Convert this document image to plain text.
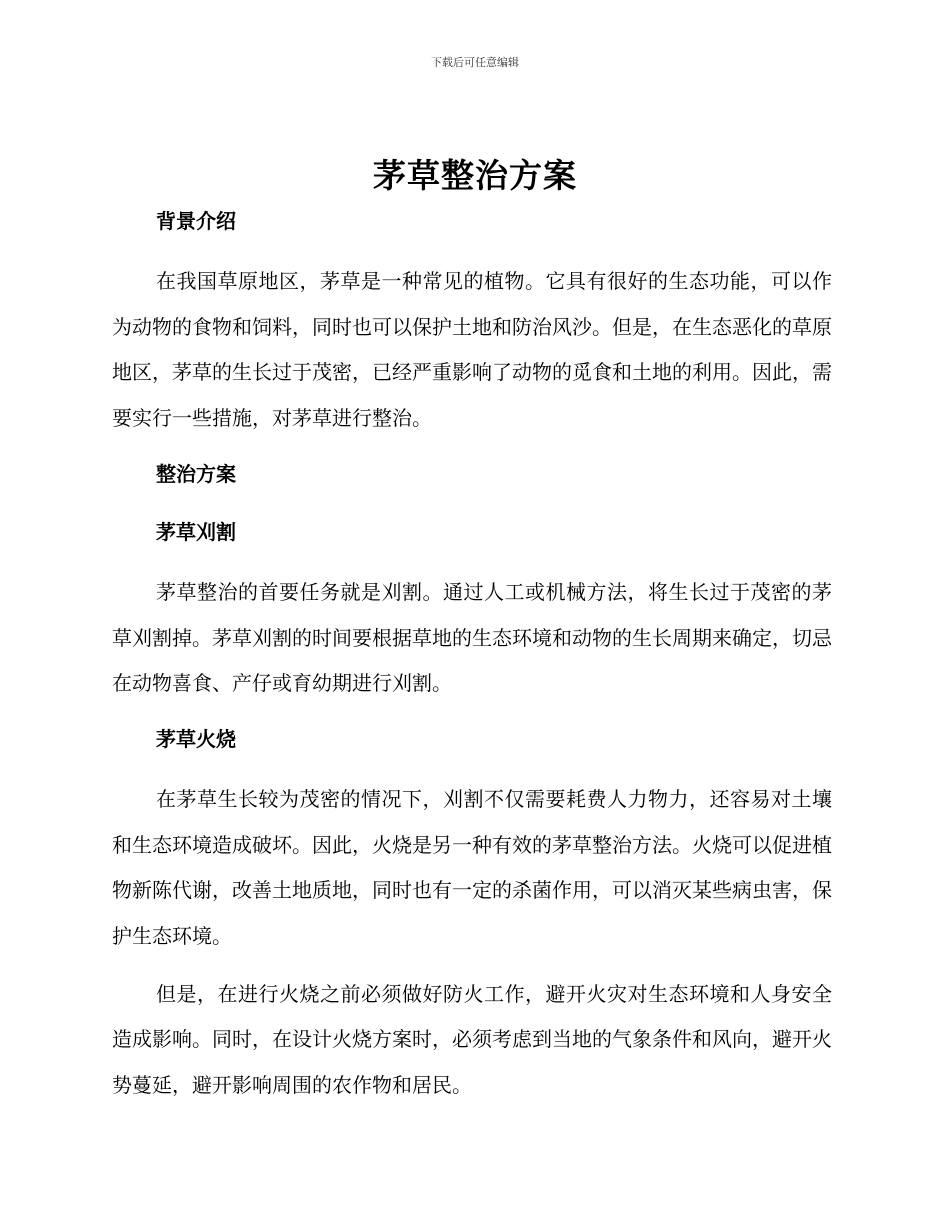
下载后可任意编辑
茅草整治方案
背景介绍

在我国草原地区，茅草是一种常见的植物。它具有很好的生态功能，可以作为动物的食物和饲料，同时也可以保护土地和防治风沙。但是，在生态恶化的草原地区，茅草的生长过于茂密，已经严重影响了动物的觅食和土地的利用。因此，需要实行一些措施，对茅草进行整治。

整治方案
茅草刈割

茅草整治的首要任务就是刈割。通过人工或机械方法，将生长过于茂密的茅草刈割掉。茅草刈割的时间要根据草地的生态环境和动物的生长周期来确定，切忌在动物喜食、产仔或育幼期进行刈割。

茅草火烧

在茅草生长较为茂密的情况下，刈割不仅需要耗费人力物力，还容易对土壤和生态环境造成破坏。因此，火烧是另一种有效的茅草整治方法。火烧可以促进植物新陈代谢，改善土地质地，同时也有一定的杀菌作用，可以消灭某些病虫害，保护生态环境。

但是，在进行火烧之前必须做好防火工作，避开火灾对生态环境和人身安全造成影响。同时，在设计火烧方案时，必须考虑到当地的气象条件和风向，避开火势蔓延，避开影响周围的农作物和居民。
